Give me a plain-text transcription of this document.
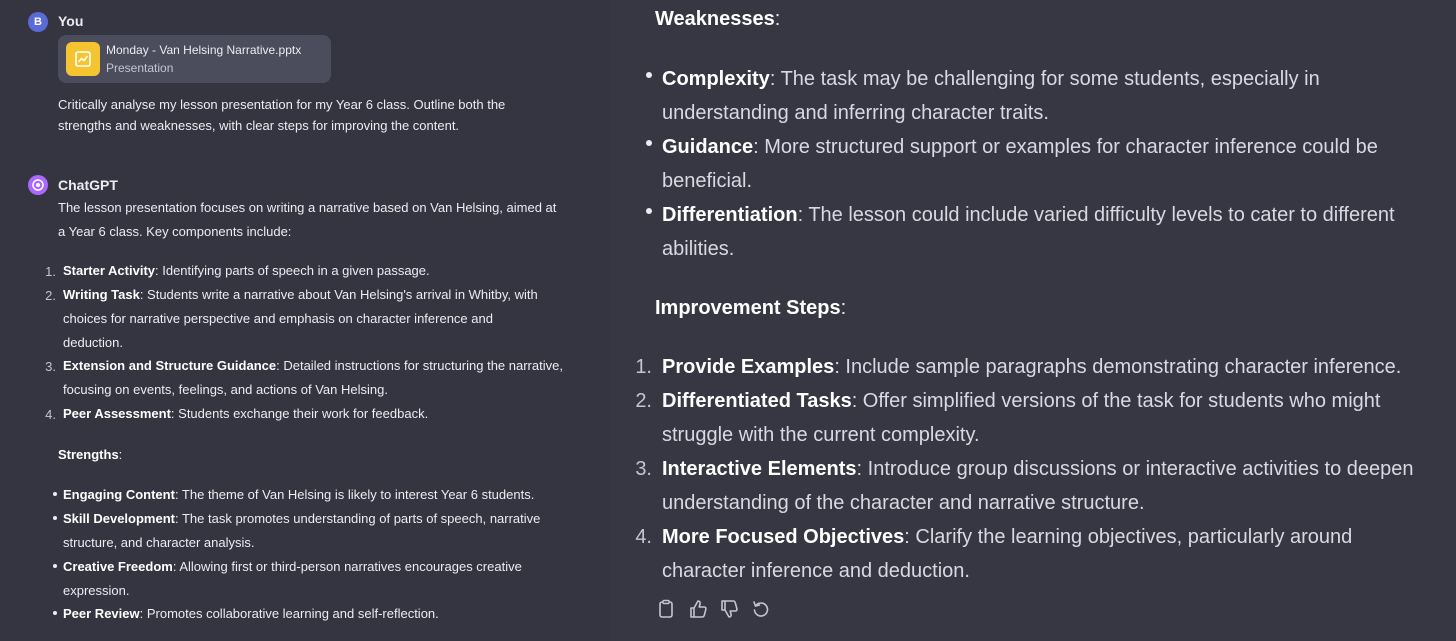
B	You
Monday - Van Helsing Narrative.pptx
Presentation
Critically analyse my lesson presentation for my Year 6 class. Outline both the
strengths and weaknesses, with clear steps for improving the content.
ChatGPT
The lesson presentation focuses on writing a narrative based on Van Helsing, aimed at
a Year 6 class. Key components include:
1. Starter Activity: Identifying parts of speech in a given passage.
2. Writing Task: Students write a narrative about Van Helsing's arrival in Whitby, with
choices for narrative perspective and emphasis on character inference and
deduction.
3. Extension and Structure Guidance: Detailed instructions for structuring the narrative,
focusing on events, feelings, and actions of Van Helsing.
4. Peer Assessment: Students exchange their work for feedback.
Strengths:
Engaging Content: The theme of Van Helsing is likely to interest Year 6 students.
Skill Development: The task promotes understanding of parts of speech, narrative
structure, and character analysis.
Creative Freedom: Allowing first or third-person narratives encourages creative
expression.
Peer Review: Promotes collaborative learning and self-reflection.
Weaknesses:
Complexity: The task may be challenging for some students, especially in
understanding and inferring character traits.
Guidance: More structured support or examples for character inference could be
beneficial.
Differentiation: The lesson could include varied difficulty levels to cater to different
abilities.
Improvement Steps:
1. Provide Examples: Include sample paragraphs demonstrating character inference.
2. Differentiated Tasks: Offer simplified versions of the task for students who might
struggle with the current complexity.
3. Interactive Elements: Introduce group discussions or interactive activities to deepen
understanding of the character and narrative structure.
4. More Focused Objectives: Clarify the learning objectives, particularly around
character inference and deduction.
